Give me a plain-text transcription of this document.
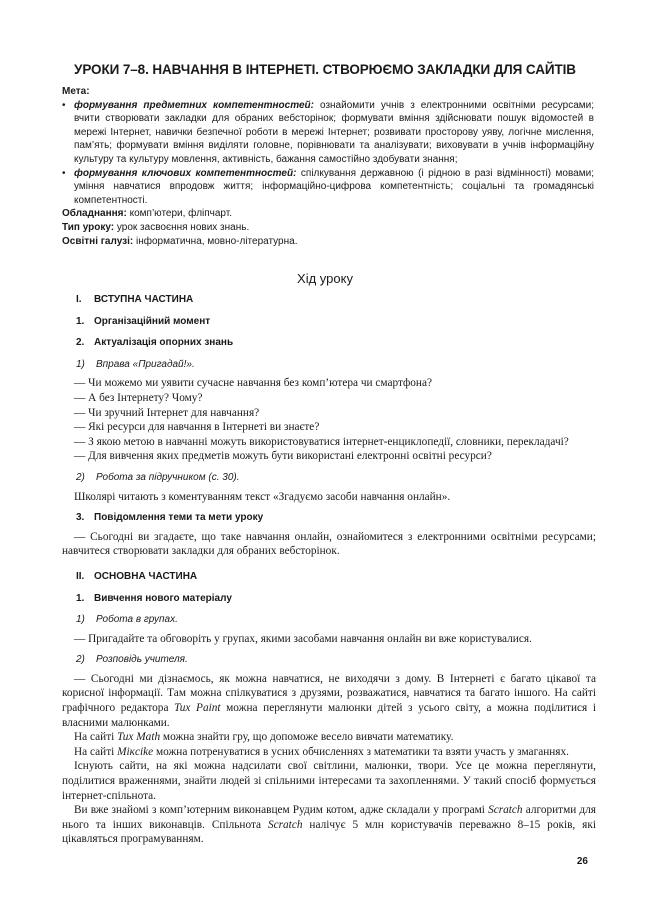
УРОКИ 7–8. НАВЧАННЯ В ІНТЕРНЕТІ. СТВОРЮЄМО ЗАКЛАДКИ ДЛЯ САЙТІВ
Мета:
• формування предметних компетентностей: ознайомити учнів з електронними освітніми ресурсами; вчити створювати закладки для обраних вебсторінок; формувати вміння здійснювати пошук відомостей в мережі Інтернет, навички безпечної роботи в мережі Інтернет; розвивати просторову уяву, логічне мислення, пам’ять; формувати вміння виділяти головне, порівнювати та аналізувати; виховувати в учнів інформаційну культуру та культуру мовлення, активність, бажання самостійно здобувати знання;
• формування ключових компетентностей: спілкування державною (і рідною в разі відмінності) мовами; уміння навчатися впродовж життя; інформаційно-цифрова компетентність; соціальні та громадянські компетентності.
Обладнання: комп’ютери, фліпчарт.
Тип уроку: урок засвоєння нових знань.
Освітні галузі: інформатична, мовно-літературна.
Хід уроку
I. ВСТУПНА ЧАСТИНА
1. Організаційний момент
2. Актуалізація опорних знань
1) Вправа «Пригадай!».
— Чи можемо ми уявити сучасне навчання без комп’ютера чи смартфона?
— А без Інтернету? Чому?
— Чи зручний Інтернет для навчання?
— Які ресурси для навчання в Інтернеті ви знаєте?
— З якою метою в навчанні можуть використовуватися інтернет-енциклопедії, словники, перекладачі?
— Для вивчення яких предметів можуть бути використані електронні освітні ресурси?
2) Робота за підручником (с. 30).
Школярі читають з коментуванням текст «Згадуємо засоби навчання онлайн».
3. Повідомлення теми та мети уроку
— Сьогодні ви згадаєте, що таке навчання онлайн, ознайомитеся з електронними освітніми ресурсами; навчитеся створювати закладки для обраних вебсторінок.
II. ОСНОВНА ЧАСТИНА
1. Вивчення нового матеріалу
1) Робота в групах.
— Пригадайте та обговоріть у групах, якими засобами навчання онлайн ви вже користувалися.
2) Розповідь учителя.
— Сьогодні ми дізнаємось, як можна навчатися, не виходячи з дому. В Інтернеті є багато цікавої та корисної інформації. Там можна спілкуватися з друзями, розважатися, навчатися та багато іншого. На сайті графічного редактора Tux Paint можна переглянути малюнки дітей з усього світу, а можна поділитися і власними малюнками.
На сайті Tux Math можна знайти гру, що допоможе весело вивчати математику.
На сайті Mікcike можна потренуватися в усних обчисленнях з математики та взяти участь у змаганнях.
Існують сайти, на які можна надсилати свої світлини, малюнки, твори. Усе це можна переглянути, поділитися враженнями, знайти людей зі спільними інтересами та захопленнями. У такий спосіб формується інтернет-спільнота.
Ви вже знайомі з комп’ютерним виконавцем Рудим котом, адже складали у програмі Scratch алгоритми для нього та інших виконавців. Спільнота Scratch налічує 5 млн користувачів переважно 8–15 років, які цікавляться програмуванням.
26
